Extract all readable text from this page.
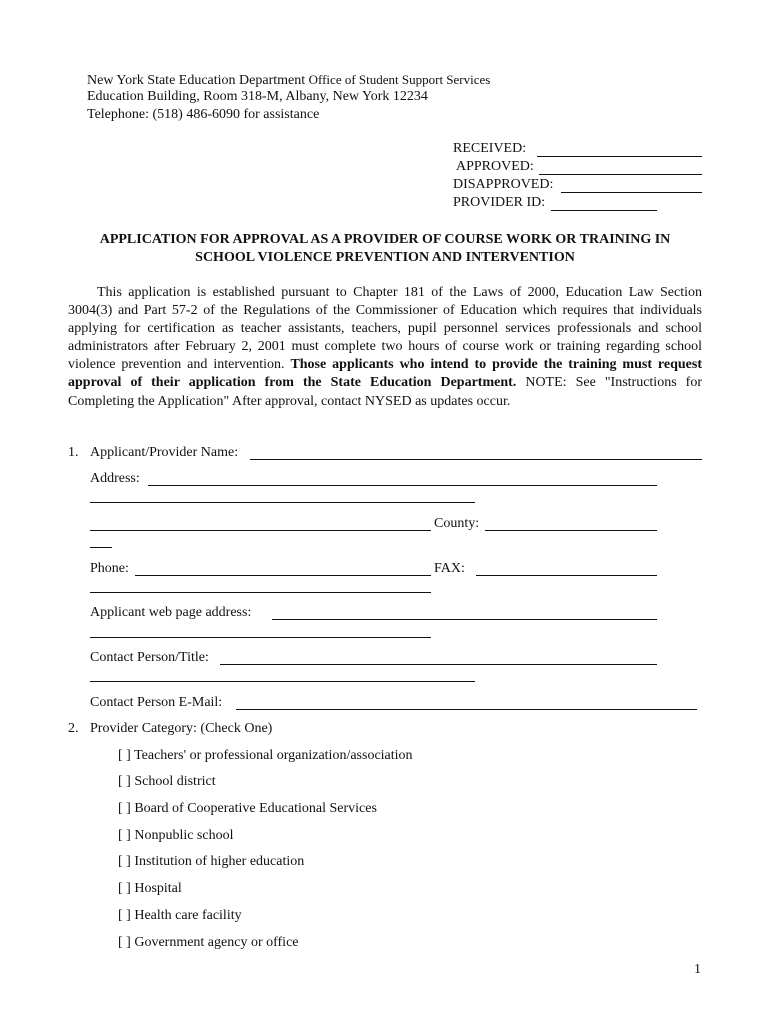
New York State Education Department Office of Student Support Services
Education Building, Room 318-M, Albany, New York 12234
Telephone: (518) 486-6090 for assistance
RECEIVED:
APPROVED:
DISAPPROVED:
PROVIDER ID:
APPLICATION FOR APPROVAL AS A PROVIDER OF COURSE WORK OR TRAINING IN
SCHOOL VIOLENCE PREVENTION AND INTERVENTION
This application is established pursuant to Chapter 181 of the Laws of 2000, Education Law Section 3004(3) and Part 57-2 of the Regulations of the Commissioner of Education which requires that individuals applying for certification as teacher assistants, teachers, pupil personnel services professionals and school administrators after February 2, 2001 must complete two hours of course work or training regarding school violence prevention and intervention. Those applicants who intend to provide the training must request approval of their application from the State Education Department. NOTE: See "Instructions for Completing the Application" After approval, contact NYSED as updates occur.
1. Applicant/Provider Name:
Address:
County:
Phone:	FAX:
Applicant web page address:
Contact Person/Title:
Contact Person E-Mail:
2. Provider Category: (Check One)
[ ] Teachers' or professional organization/association
[ ] School district
[ ] Board of Cooperative Educational Services
[ ] Nonpublic school
[ ] Institution of higher education
[ ] Hospital
[ ] Health care facility
[ ] Government agency or office
1
